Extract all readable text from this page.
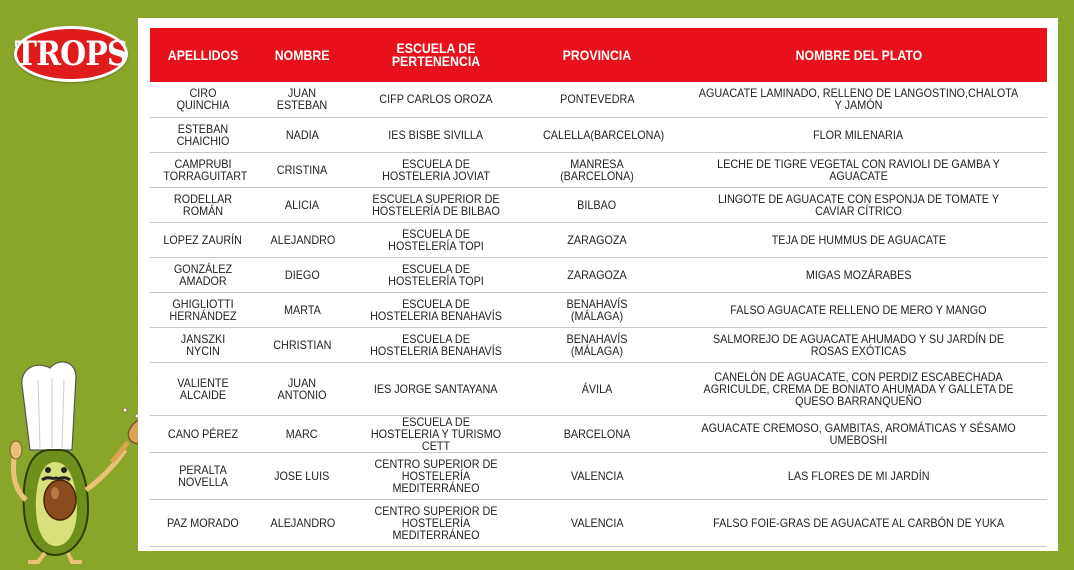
TROPS	APELLIDOS	NOMBRE	ESCUELA DE PERTENENCIA	PROVINCIA	NOMBRE DEL PLATO
CIRO QUINCHIA	JUAN ESTEBAN	CIFP CARLOS OROZA	PONTEVEDRA	AGUACATE LAMINADO, RELLENO DE LANGOSTINO,CHALOTA Y JAMÓN
ESTEBAN CHAICHIO	NADIA	IES BISBE SIVILLA	CALELLA(BARCELONA)	FLOR MILENARIA
CAMPRUBI TORRAGUITART	CRISTINA	ESCUELA DE HOSTELERIA JOVIAT	MANRESA (BARCELONA)	LECHE DE TIGRE VEGETAL CON RAVIOLI DE GAMBA Y AGUACATE
RODELLAR ROMÁN	ALICIA	ESCUELA SUPERIOR DE HOSTELERÍA DE BILBAO	BILBAO	LINGOTE DE AGUACATE CON ESPONJA DE TOMATE Y CAVIAR CÍTRICO
LOPEZ ZAURÍN	ALEJANDRO	ESCUELA DE HOSTELERÍA TOPI	ZARAGOZA	TEJA DE HUMMUS DE AGUACATE
GONZÁLEZ AMADOR	DIEGO	ESCUELA DE HOSTELERÍA TOPI	ZARAGOZA	MIGAS MOZÁRABES
GHIGLIOTTI HERNÁNDEZ	MARTA	ESCUELA DE HOSTELERIA BENAHAVÍS	BENAHAVÍS (MÁLAGA)	FALSO AGUACATE RELLENO DE MERO Y MANGO
JANSZKI NYCIN	CHRISTIAN	ESCUELA DE HOSTELERIA BENAHAVÍS	BENAHAVÍS (MÁLAGA)	SALMOREJO DE AGUACATE AHUMADO Y SU JARDÍN DE ROSAS EXÓTICAS
VALIENTE ALCAIDE	JUAN ANTONIO	IES JORGE SANTAYANA	ÁVILA	CANELÓN DE AGUACATE, CON PERDIZ ESCABECHADA AGRICULDE, CREMA DE BONIATO AHUMADA Y GALLETA DE QUESO BARRANQUEÑO
CANO PÉREZ	MARC	ESCUELA DE HOSTELERIA Y TURISMO CETT	BARCELONA	AGUACATE CREMOSO, GAMBITAS, AROMÁTICAS Y SÉSAMO UMEBOSHI
PERALTA NOVELLA	JOSE LUIS	CENTRO SUPERIOR DE HOSTELERÍA MEDITERRÁNEO	VALENCIA	LAS FLORES DE MI JARDÍN
PAZ MORADO	ALEJANDRO	CENTRO SUPERIOR DE HOSTELERÍA MEDITERRÁNEO	VALENCIA	FALSO FOIE-GRAS DE AGUACATE AL CARBÓN DE YUKA
